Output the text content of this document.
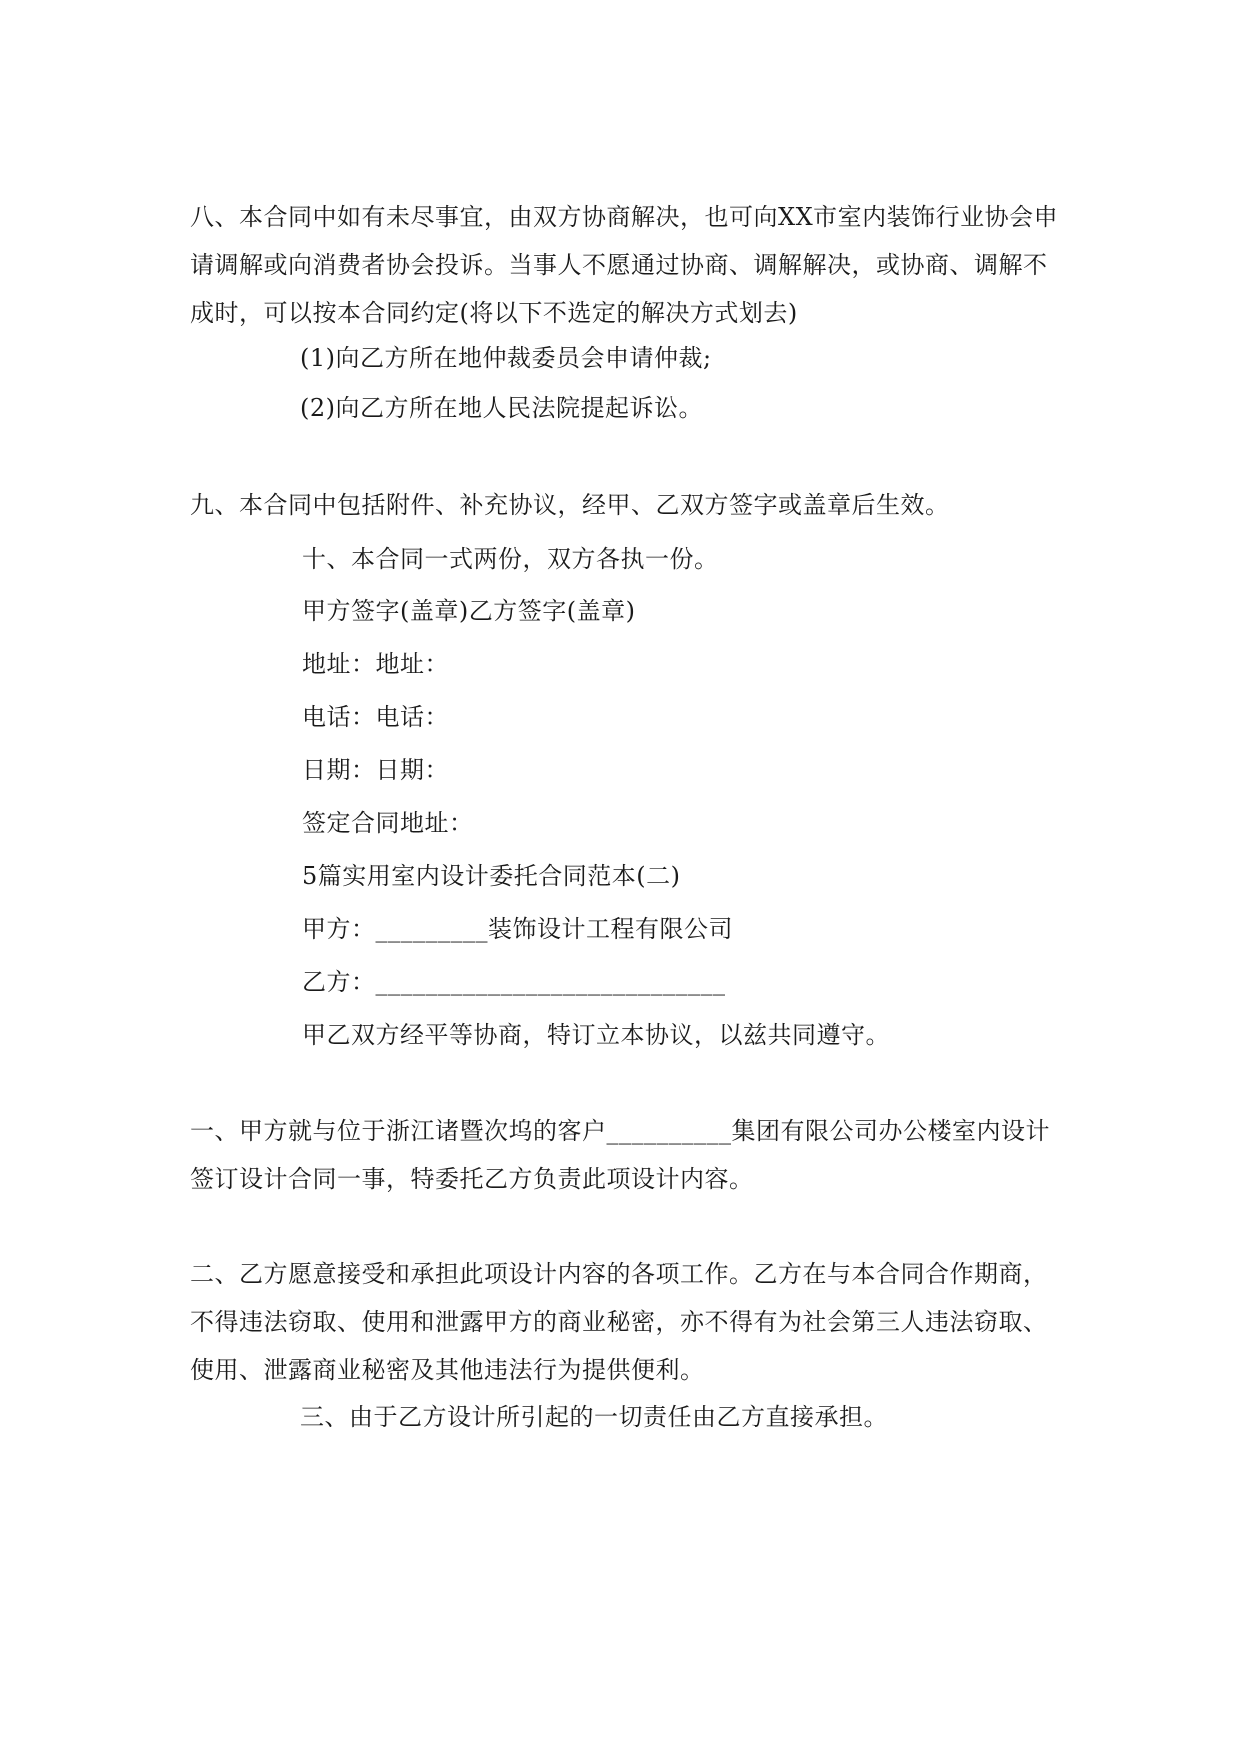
八、本合同中如有未尽事宜，由双方协商解决，也可向XX市室内装饰行业协会申请调解或向消费者协会投诉。当事人不愿通过协商、调解解决，或协商、调解不成时，可以按本合同约定(将以下不选定的解决方式划去)

(1)向乙方所在地仲裁委员会申请仲裁;

(2)向乙方所在地人民法院提起诉讼。

九、本合同中包括附件、补充协议，经甲、乙双方签字或盖章后生效。

十、本合同一式两份，双方各执一份。

甲方签字(盖章)乙方签字(盖章)

地址：地址：

电话：电话：

日期：日期：

签定合同地址：

5篇实用室内设计委托合同范本(二)

甲方：_________装饰设计工程有限公司

乙方：____________________________

甲乙双方经平等协商，特订立本协议，以兹共同遵守。

一、甲方就与位于浙江诸暨次坞的客户__________集团有限公司办公楼室内设计签订设计合同一事，特委托乙方负责此项设计内容。

二、乙方愿意接受和承担此项设计内容的各项工作。乙方在与本合同合作期商，不得违法窃取、使用和泄露甲方的商业秘密，亦不得有为社会第三人违法窃取、使用、泄露商业秘密及其他违法行为提供便利。

三、由于乙方设计所引起的一切责任由乙方直接承担。
